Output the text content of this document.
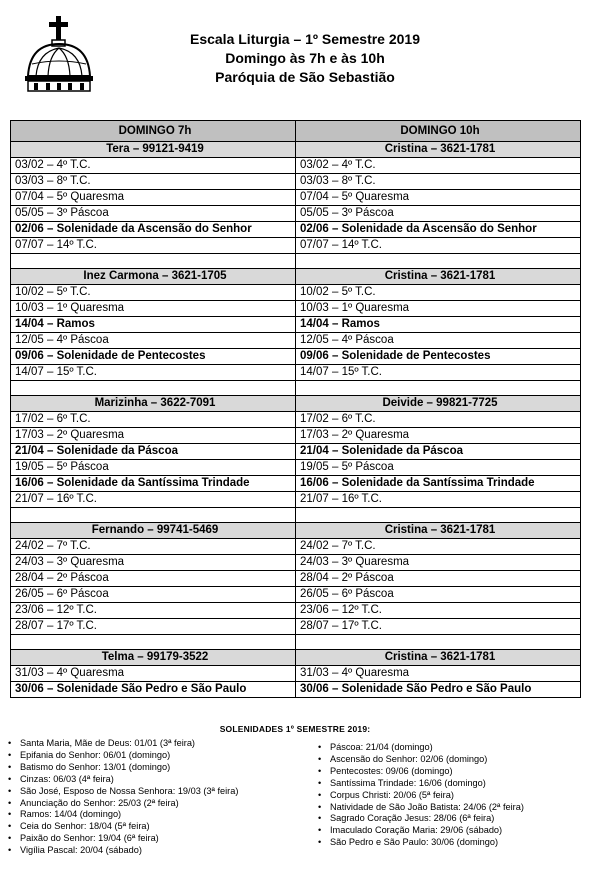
Escala Liturgia – 1º Semestre 2019
Domingo às 7h e às 10h
Paróquia de São Sebastião
DOMINGO 7h	DOMINGO 10h
Tera – 99121-9419	Cristina – 3621-1781
03/02 – 4º T.C.	03/02 – 4º T.C.
03/03 – 8º T.C.	03/03 – 8º T.C.
07/04 – 5º Quaresma	07/04 – 5º Quaresma
05/05 – 3º Páscoa	05/05 – 3º Páscoa
02/06 – Solenidade da Ascensão do Senhor	02/06 – Solenidade da Ascensão do Senhor
07/07 – 14º T.C.	07/07 – 14º T.C.

Inez Carmona – 3621-1705	Cristina – 3621-1781
10/02 – 5º T.C.	10/02 – 5º T.C.
10/03 – 1º Quaresma	10/03 – 1º Quaresma
14/04 – Ramos	14/04 – Ramos
12/05 – 4º Páscoa	12/05 – 4º Páscoa
09/06 – Solenidade de Pentecostes	09/06 – Solenidade de Pentecostes
14/07 – 15º T.C.	14/07 – 15º T.C.

Marizinha – 3622-7091	Deivide – 99821-7725
17/02 – 6º T.C.	17/02 – 6º T.C.
17/03 – 2º Quaresma	17/03 – 2º Quaresma
21/04 – Solenidade da Páscoa	21/04 – Solenidade da Páscoa
19/05 – 5º Páscoa	19/05 – 5º Páscoa
16/06 – Solenidade da Santíssima Trindade	16/06 – Solenidade da Santíssima Trindade
21/07 – 16º T.C.	21/07 – 16º T.C.

Fernando – 99741-5469	Cristina – 3621-1781
24/02 – 7º T.C.	24/02 – 7º T.C.
24/03 – 3º Quaresma	24/03 – 3º Quaresma
28/04 – 2º Páscoa	28/04 – 2º Páscoa
26/05 – 6º Páscoa	26/05 – 6º Páscoa
23/06 – 12º T.C.	23/06 – 12º T.C.
28/07 – 17º T.C.	28/07 – 17º T.C.

Telma – 99179-3522	Cristina – 3621-1781
31/03 – 4º Quaresma	31/03 – 4º Quaresma
30/06 – Solenidade São Pedro e São Paulo	30/06 – Solenidade São Pedro e São Paulo

SOLENIDADES 1º SEMESTRE 2019:
• Santa Maria, Mãe de Deus: 01/01 (3ª feira)
• Epifania do Senhor: 06/01 (domingo)
• Batismo do Senhor: 13/01 (domingo)
• Cinzas: 06/03 (4ª feira)
• São José, Esposo de Nossa Senhora: 19/03 (3ª feira)
• Anunciação do Senhor: 25/03 (2ª feira)
• Ramos: 14/04 (domingo)
• Ceia do Senhor: 18/04 (5ª feira)
• Paixão do Senhor: 19/04 (6ª feira)
• Vigília Pascal: 20/04 (sábado)
• Páscoa: 21/04 (domingo)
• Ascensão do Senhor: 02/06 (domingo)
• Pentecostes: 09/06 (domingo)
• Santíssima Trindade: 16/06 (domingo)
• Corpus Christi: 20/06 (5ª feira)
• Natividade de São João Batista: 24/06 (2ª feira)
• Sagrado Coração Jesus: 28/06 (6ª feira)
• Imaculado Coração Maria: 29/06 (sábado)
• São Pedro e São Paulo: 30/06 (domingo)
